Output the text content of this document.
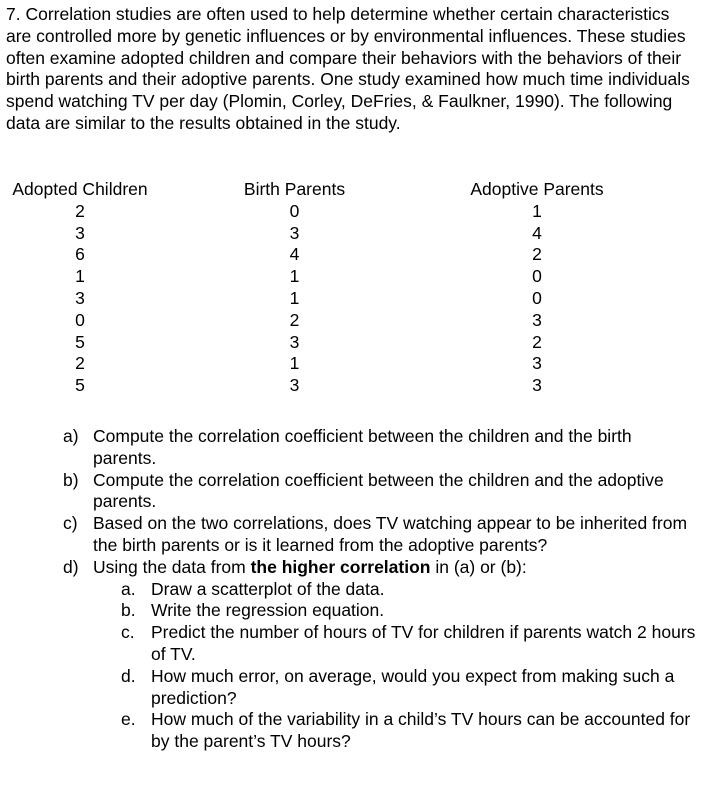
7. Correlation studies are often used to help determine whether certain characteristics are controlled more by genetic influences or by environmental influences. These studies often examine adopted children and compare their behaviors with the behaviors of their birth parents and their adoptive parents. One study examined how much time individuals spend watching TV per day (Plomin, Corley, DeFries, & Faulkner, 1990). The following data are similar to the results obtained in the study.

Adopted Children
2
3
6
1
3
0
5
2
5
Birth Parents
0
3
4
1
1
2
3
1
3
Adoptive Parents
1
4
2
0
0
3
2
3
3
a) Compute the correlation coefficient between the children and the birth parents.
b) Compute the correlation coefficient between the children and the adoptive parents.
c) Based on the two correlations, does TV watching appear to be inherited from the birth parents or is it learned from the adoptive parents?
d) Using the data from the higher correlation in (a) or (b):
a. Draw a scatterplot of the data.
b. Write the regression equation.
c. Predict the number of hours of TV for children if parents watch 2 hours of TV.
d. How much error, on average, would you expect from making such a prediction?
e. How much of the variability in a child’s TV hours can be accounted for by the parent’s TV hours?
